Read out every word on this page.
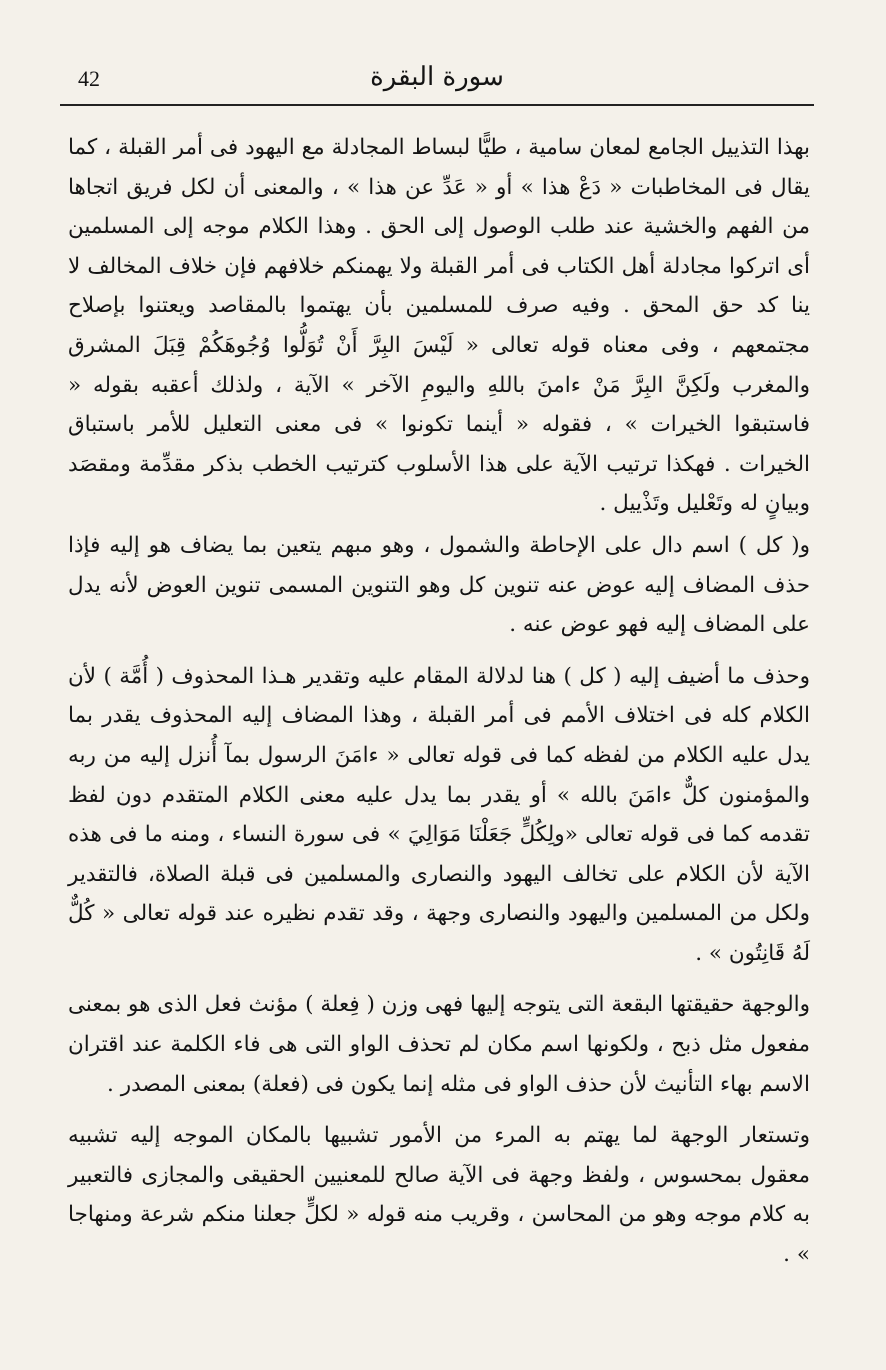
42	سورة البقرة

بهذا التذييل الجامع لمعان سامية ، طيًّا لبساط المجادلة مع اليهود فى أمر القبلة ، كما يقال فى المخاطبات « دَعْ هذا » أو « عَدِّ عن هذا » ، والمعنى أن لكل فريق اتجاها من الفهم والخشية عند طلب الوصول إلى الحق . وهذا الكلام موجه إلى المسلمين أى اتركوا مجادلة أهل الكتاب فى أمر القبلة ولا يهمنكم خلافهم فإن خلاف المخالف لا ينا كد حق المحق . وفيه صرف للمسلمين بأن يهتموا بالمقاصد ويعتنوا بإصلاح مجتمعهم ، وفى معناه قوله تعالى « لَيْسَ البِرَّ أَنْ تُوَلُّوا وُجُوهَكُمْ قِبَلَ المشرق والمغرب ولَكِنَّ البِرَّ مَنْ ءامنَ باللهِ واليومِ الآخر » الآية ، ولذلك أعقبه بقوله « فاستبقوا الخيرات » ، فقوله « أينما تكونوا » فى معنى التعليل للأمر باستباق الخيرات . فهكذا ترتيب الآية على هذا الأسلوب كترتيب الخطب بذكر مقدِّمة ومقصَد وبيانٍ له وتَعْليل وتَذْييل .

و( كل ) اسم دال على الإحاطة والشمول ، وهو مبهم يتعين بما يضاف هو إليه فإذا حذف المضاف إليه عوض عنه تنوين كل وهو التنوين المسمى تنوين العوض لأنه يدل على المضاف إليه فهو عوض عنه .

وحذف ما أضيف إليه ( كل ) هنا لدلالة المقام عليه وتقدير هـذا المحذوف ( أُمَّة ) لأن الكلام كله فى اختلاف الأمم فى أمر القبلة ، وهذا المضاف إليه المحذوف يقدر بما يدل عليه الكلام من لفظه كما فى قوله تعالى « ءامَنَ الرسول بمآ أُنزل إليه من ربه والمؤمنون كلٌّ ءامَنَ بالله » أو يقدر بما يدل عليه معنى الكلام المتقدم دون لفظ تقدمه كما فى قوله تعالى «ولِكُلٍّ جَعَلْنَا مَوَالِيَ » فى سورة النساء ، ومنه ما فى هذه الآية لأن الكلام على تخالف اليهود والنصارى والمسلمين فى قبلة الصلاة، فالتقدير ولكل من المسلمين واليهود والنصارى وجهة ، وقد تقدم نظيره عند قوله تعالى « كُلٌّ لَهُ قَانِتُون » .

والوجهة حقيقتها البقعة التى يتوجه إليها فهى وزن ( فِعلة ) مؤنث فعل الذى هو بمعنى مفعول مثل ذبح ، ولكونها اسم مكان لم تحذف الواو التى هى فاء الكلمة عند اقتران الاسم بهاء التأنيث لأن حذف الواو فى مثله إنما يكون فى (فعلة) بمعنى المصدر .

وتستعار الوجهة لما يهتم به المرء من الأمور تشبيها بالمكان الموجه إليه تشبيه معقول بمحسوس ، ولفظ وجهة فى الآية صالح للمعنيين الحقيقى والمجازى فالتعبير به كلام موجه وهو من المحاسن ، وقريب منه قوله « لكلٍّ جعلنا منكم شرعة ومنهاجا » .
